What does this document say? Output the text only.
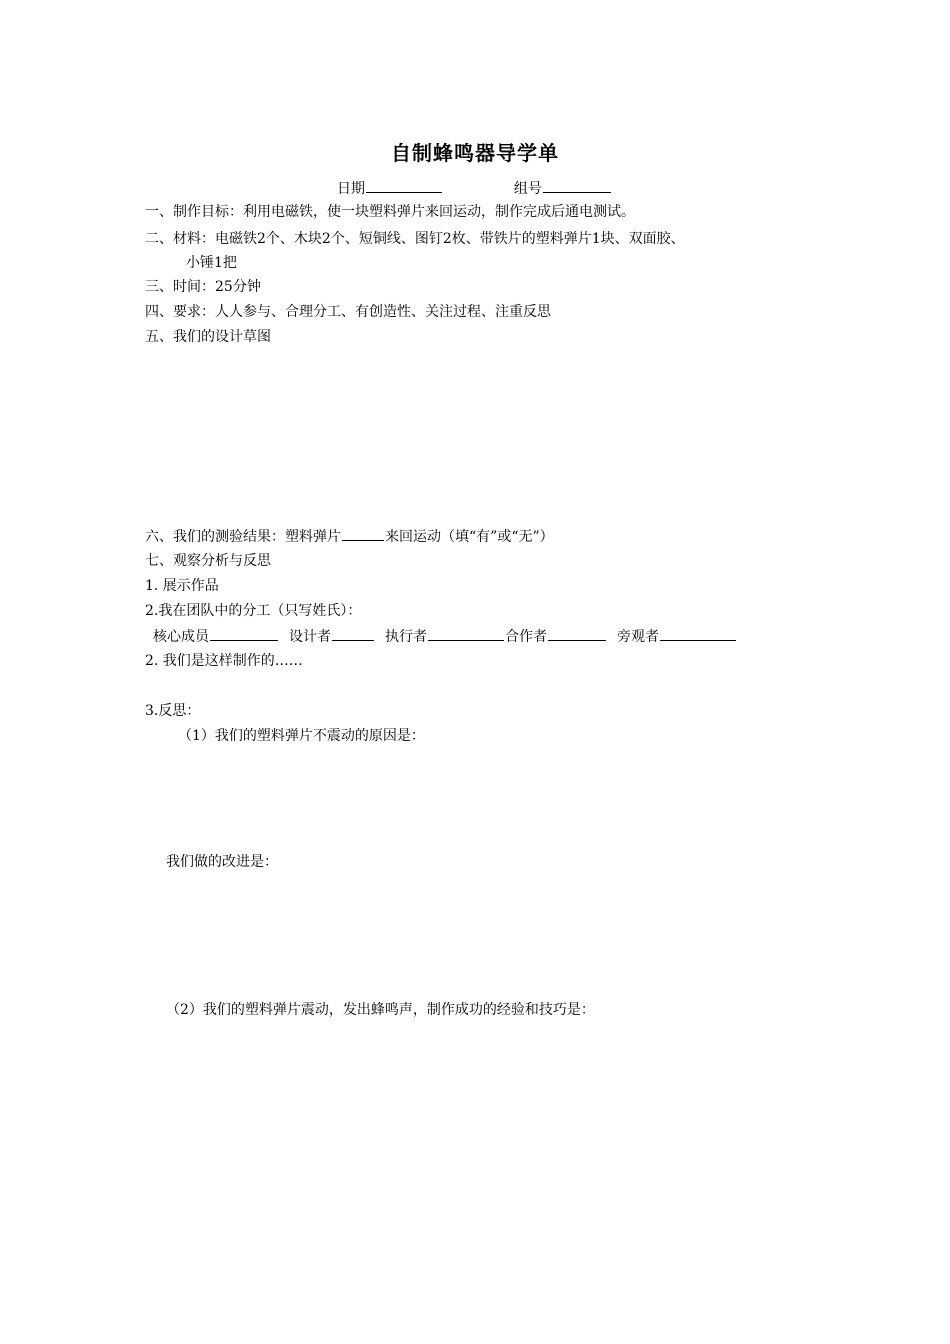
自制蜂鸣器导学单
日期	组号
一、制作目标：利用电磁铁，使一块塑料弹片来回运动，制作完成后通电测试。
二、材料：电磁铁2个、木块2个、短铜线、图钉2枚、带铁片的塑料弹片1块、双面胶、
小锤1把
三、时间：25分钟
四、要求：人人参与、合理分工、有创造性、关注过程、注重反思
五、我们的设计草图
六、我们的测验结果：塑料弹片	来回运动（填“有”或“无”）
七、观察分析与反思
1. 展示作品
2.我在团队中的分工（只写姓氏）：
核心成员	设计者	执行者	合作者	旁观者
2. 我们是这样制作的……
3.反思：
（1）我们的塑料弹片不震动的原因是：
我们做的改进是：
（2）我们的塑料弹片震动，发出蜂鸣声，制作成功的经验和技巧是：
